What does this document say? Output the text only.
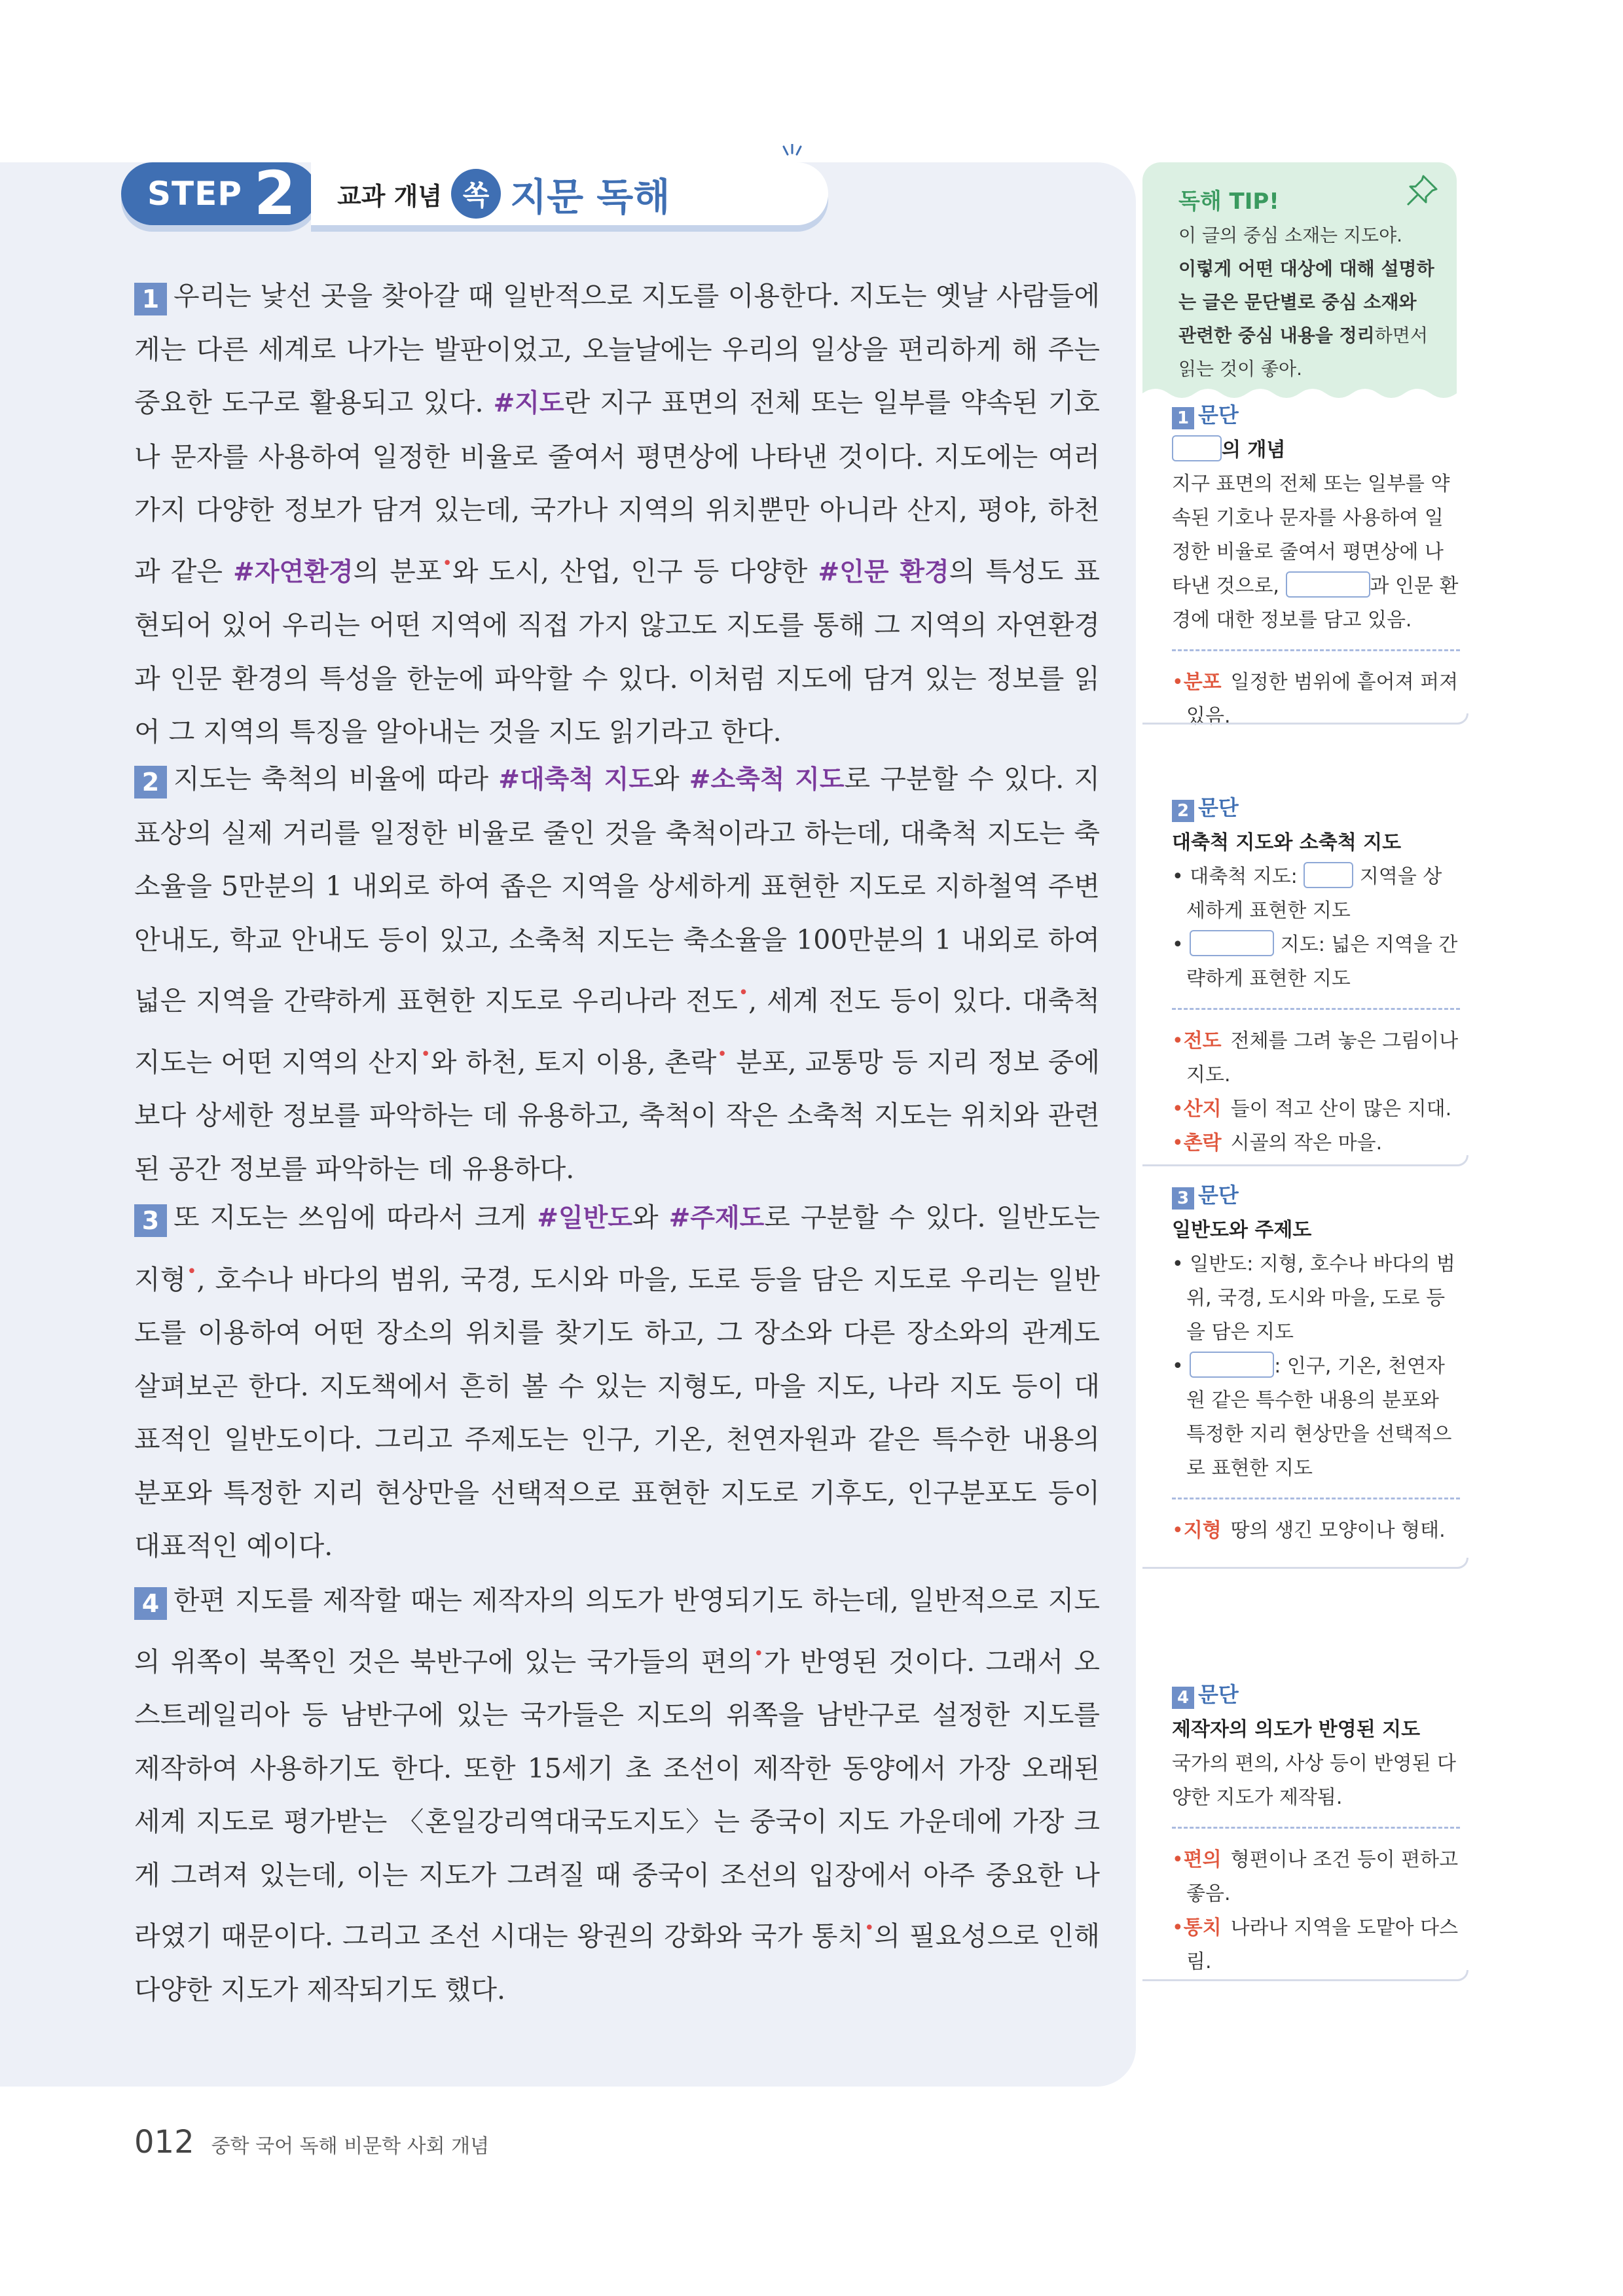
STEP 2 교과 개념 쏙 지문 독해

1 우리는 낯선 곳을 찾아갈 때 일반적으로 지도를 이용한다. 지도는 옛날 사람들에게는 다른 세계로 나가는 발판이었고, 오늘날에는 우리의 일상을 편리하게 해 주는 중요한 도구로 활용되고 있다. #지도란 지구 표면의 전체 또는 일부를 약속된 기호나 문자를 사용하여 일정한 비율로 줄여서 평면상에 나타낸 것이다. 지도에는 여러 가지 다양한 정보가 담겨 있는데, 국가나 지역의 위치뿐만 아니라 산지, 평야, 하천과 같은 #자연환경의 분포•와 도시, 산업, 인구 등 다양한 #인문 환경의 특성도 표현되어 있어 우리는 어떤 지역에 직접 가지 않고도 지도를 통해 그 지역의 자연환경과 인문 환경의 특성을 한눈에 파악할 수 있다. 이처럼 지도에 담겨 있는 정보를 읽어 그 지역의 특징을 알아내는 것을 지도 읽기라고 한다.

2 지도는 축척의 비율에 따라 #대축척 지도와 #소축척 지도로 구분할 수 있다. 지표상의 실제 거리를 일정한 비율로 줄인 것을 축척이라고 하는데, 대축척 지도는 축소율을 5만분의 1 내외로 하여 좁은 지역을 상세하게 표현한 지도로 지하철역 주변 안내도, 학교 안내도 등이 있고, 소축척 지도는 축소율을 100만분의 1 내외로 하여 넓은 지역을 간략하게 표현한 지도로 우리나라 전도•, 세계 전도 등이 있다. 대축척 지도는 어떤 지역의 산지•와 하천, 토지 이용, 촌락• 분포, 교통망 등 지리 정보 중에 보다 상세한 정보를 파악하는 데 유용하고, 축척이 작은 소축척 지도는 위치와 관련된 공간 정보를 파악하는 데 유용하다.

3 또 지도는 쓰임에 따라서 크게 #일반도와 #주제도로 구분할 수 있다. 일반도는 지형•, 호수나 바다의 범위, 국경, 도시와 마을, 도로 등을 담은 지도로 우리는 일반도를 이용하여 어떤 장소의 위치를 찾기도 하고, 그 장소와 다른 장소와의 관계도 살펴보곤 한다. 지도책에서 흔히 볼 수 있는 지형도, 마을 지도, 나라 지도 등이 대표적인 일반도이다. 그리고 주제도는 인구, 기온, 천연자원과 같은 특수한 내용의 분포와 특정한 지리 현상만을 선택적으로 표현한 지도로 기후도, 인구분포도 등이 대표적인 예이다.

4 한편 지도를 제작할 때는 제작자의 의도가 반영되기도 하는데, 일반적으로 지도의 위쪽이 북쪽인 것은 북반구에 있는 국가들의 편의•가 반영된 것이다. 그래서 오스트레일리아 등 남반구에 있는 국가들은 지도의 위쪽을 남반구로 설정한 지도를 제작하여 사용하기도 한다. 또한 15세기 초 조선이 제작한 동양에서 가장 오래된 세계 지도로 평가받는 〈혼일강리역대국도지도〉는 중국이 지도 가운데에 가장 크게 그려져 있는데, 이는 지도가 그려질 때 중국이 조선의 입장에서 아주 중요한 나라였기 때문이다. 그리고 조선 시대는 왕권의 강화와 국가 통치•의 필요성으로 인해 다양한 지도가 제작되기도 했다.

독해 TIP!
이 글의 중심 소재는 지도야.
이렇게 어떤 대상에 대해 설명하는 글은 문단별로 중심 소재와 관련한 중심 내용을 정리하면서 읽는 것이 좋아.
1 문단
의 개념
지구 표면의 전체 또는 일부를 약속된 기호나 문자를 사용하여 일정한 비율로 줄여서 평면상에 나타낸 것으로,	과 인문 환경에 대한 정보를 담고 있음.
•분포 일정한 범위에 흩어져 퍼져 있음.
2 문단
대축척 지도와 소축척 지도
• 대축척 지도:	지역을 상세하게 표현한 지도
•	지도: 넓은 지역을 간략하게 표현한 지도
•전도 전체를 그려 놓은 그림이나 지도.
•산지 들이 적고 산이 많은 지대.
•촌락 시골의 작은 마을.
3 문단
일반도와 주제도
• 일반도: 지형, 호수나 바다의 범위, 국경, 도시와 마을, 도로 등을 담은 지도
•	: 인구, 기온, 천연자원 같은 특수한 내용의 분포와 특정한 지리 현상만을 선택적으로 표현한 지도
•지형 땅의 생긴 모양이나 형태.
4 문단
제작자의 의도가 반영된 지도
국가의 편의, 사상 등이 반영된 다양한 지도가 제작됨.
•편의 형편이나 조건 등이 편하고 좋음.
•통치 나라나 지역을 도맡아 다스림.
012 중학 국어 독해 비문학 사회 개념
